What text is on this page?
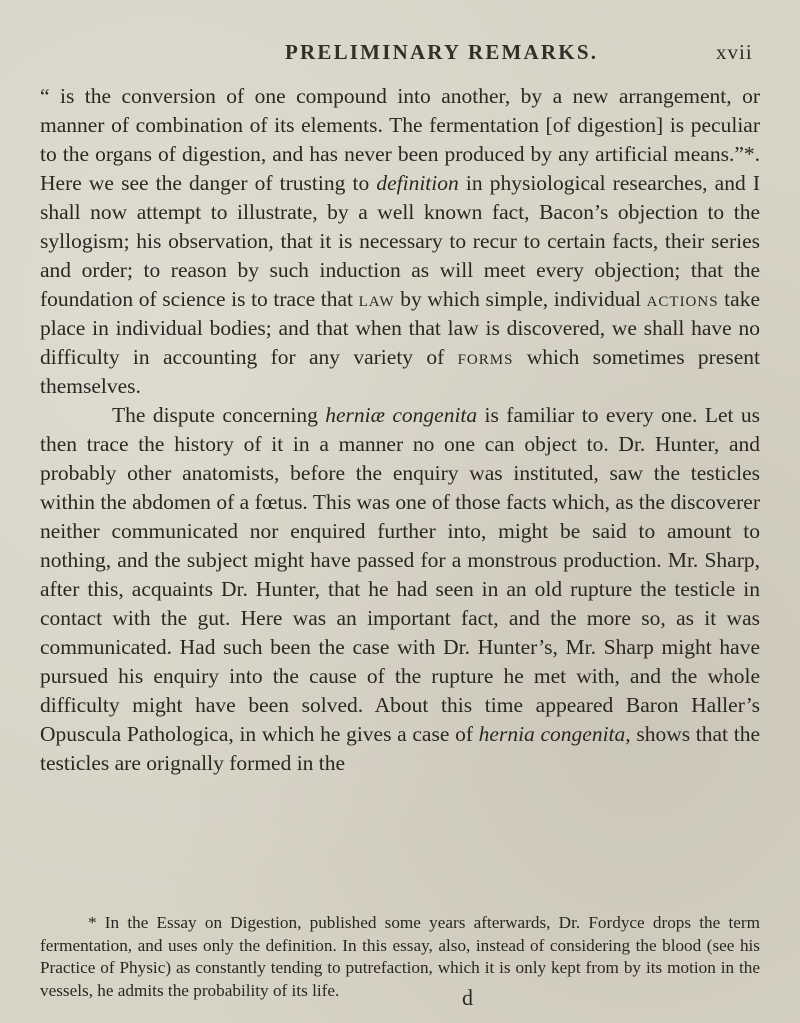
PRELIMINARY REMARKS.	xvii

“ is the conversion of one compound into another, by a new arrangement, or manner of combination of its elements. The fermentation [of digestion] is peculiar to the organs of digestion, and has never been produced by any artificial means.”*. Here we see the danger of trusting to definition in physiological researches, and I shall now attempt to illustrate, by a well known fact, Bacon’s objection to the syllogism; his observation, that it is necessary to recur to certain facts, their series and order; to reason by such induction as will meet every objection; that the foundation of science is to trace that law by which simple, individual actions take place in individual bodies; and that when that law is discovered, we shall have no difficulty in accounting for any variety of forms which sometimes present themselves.

The dispute concerning herniæ congenita is familiar to every one. Let us then trace the history of it in a manner no one can object to. Dr. Hunter, and probably other anatomists, before the enquiry was instituted, saw the testicles within the abdomen of a fœtus. This was one of those facts which, as the discoverer neither communicated nor enquired further into, might be said to amount to nothing, and the subject might have passed for a monstrous production. Mr. Sharp, after this, acquaints Dr. Hunter, that he had seen in an old rupture the testicle in contact with the gut. Here was an important fact, and the more so, as it was communicated. Had such been the case with Dr. Hunter’s, Mr. Sharp might have pursued his enquiry into the cause of the rupture he met with, and the whole difficulty might have been solved. About this time appeared Baron Haller’s Opuscula Pathologica, in which he gives a case of hernia congenita, shows that the testicles are orignally formed in the

* In the Essay on Digestion, published some years afterwards, Dr. Fordyce drops the term fermentation, and uses only the definition. In this essay, also, instead of considering the blood (see his Practice of Physic) as constantly tending to putrefaction, which it is only kept from by its motion in the vessels, he admits the probability of its life.	d
